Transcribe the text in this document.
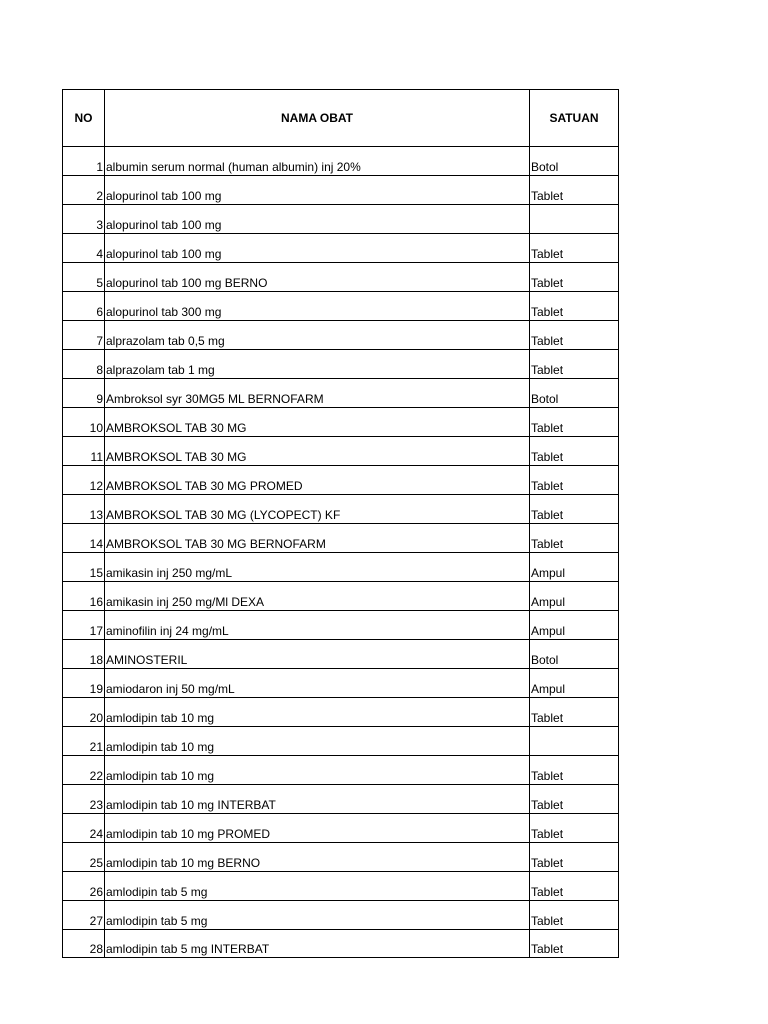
NO	NAMA OBAT	SATUAN
1	albumin serum normal (human albumin) inj 20%	Botol
2	alopurinol tab 100 mg	Tablet
3	alopurinol tab 100 mg	
4	alopurinol tab 100 mg	Tablet
5	alopurinol tab 100 mg BERNO	Tablet
6	alopurinol tab 300 mg	Tablet
7	alprazolam tab 0,5 mg	Tablet
8	alprazolam tab 1 mg	Tablet
9	Ambroksol syr 30MG5 ML BERNOFARM	Botol
10	AMBROKSOL TAB 30 MG	Tablet
11	AMBROKSOL TAB 30 MG	Tablet
12	AMBROKSOL TAB 30 MG PROMED	Tablet
13	AMBROKSOL TAB 30 MG (LYCOPECT) KF	Tablet
14	AMBROKSOL TAB 30 MG BERNOFARM	Tablet
15	amikasin inj 250 mg/mL	Ampul
16	amikasin inj 250 mg/Ml DEXA	Ampul
17	aminofilin inj 24 mg/mL	Ampul
18	AMINOSTERIL	Botol
19	amiodaron inj 50 mg/mL	Ampul
20	amlodipin tab 10 mg	Tablet
21	amlodipin tab 10 mg	
22	amlodipin tab 10 mg	Tablet
23	amlodipin tab 10 mg INTERBAT	Tablet
24	amlodipin tab 10 mg PROMED	Tablet
25	amlodipin tab 10 mg BERNO	Tablet
26	amlodipin tab 5 mg	Tablet
27	amlodipin tab 5 mg	Tablet
28	amlodipin tab 5 mg INTERBAT	Tablet
